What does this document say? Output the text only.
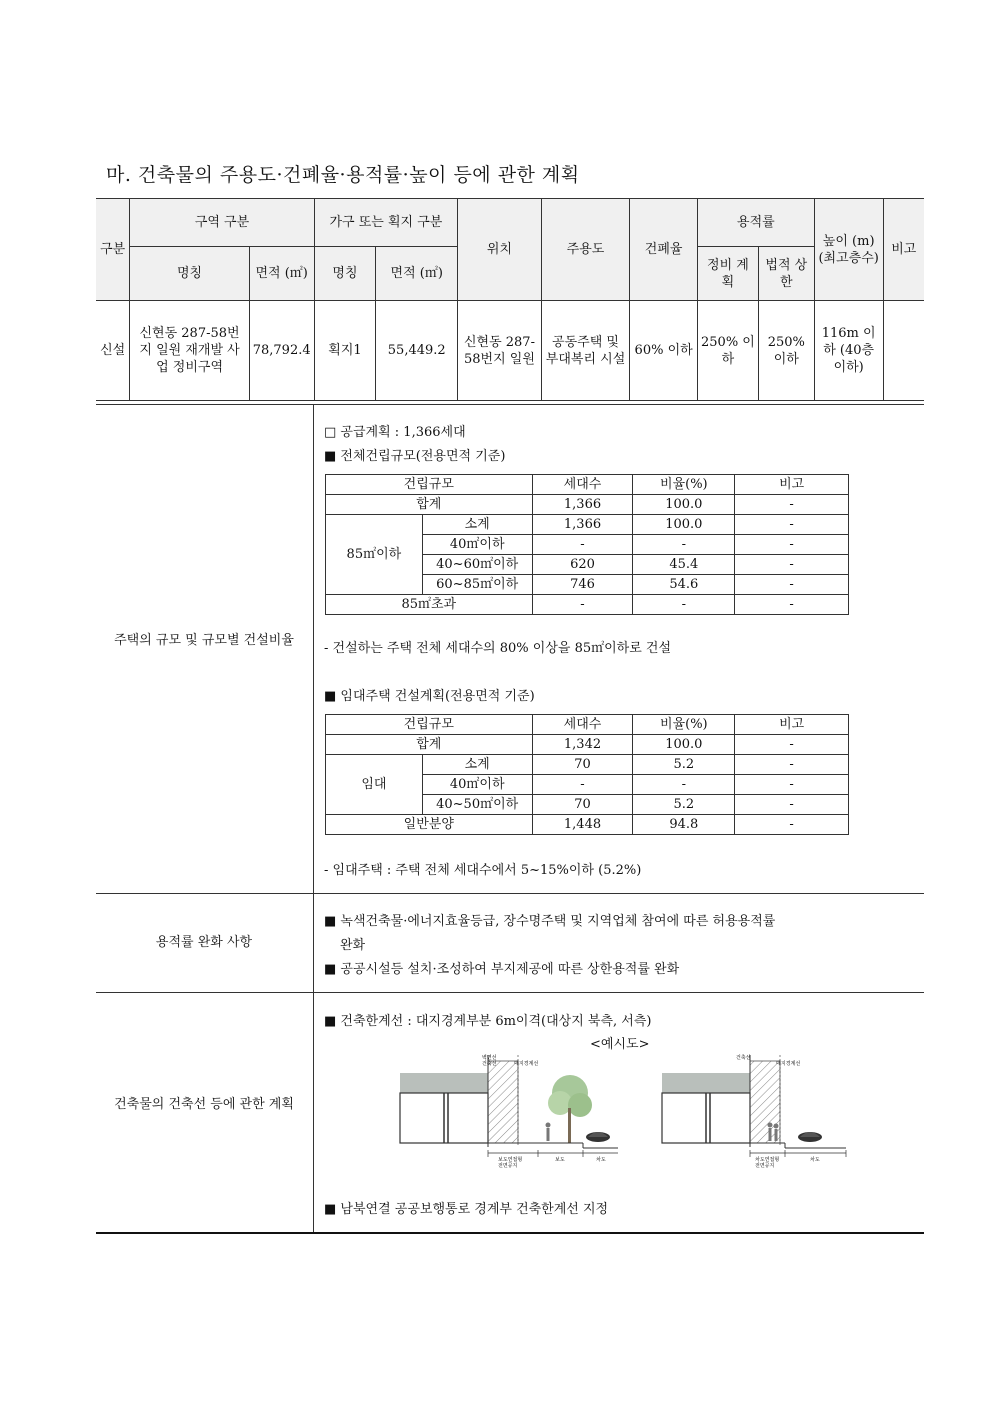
마. 건축물의 주용도·건폐율·용적률·높이 등에 관한 계획
구분	구역 구분		가구 또는 획지 구분		위치	주용도	건폐율	용적률		높이 (m) (최고층수)	비고
	명칭	면적 (㎡)	명칭	면적 (㎡)				정비 계획	법적 상한		
신설	신현동 287-58번지 일원 재개발 사업 정비구역	78,792.4	획지1	55,449.2	신현동 287-58번지 일원	공동주택 및 부대복리 시설	60% 이하	250% 이하	250% 이하	116m 이하 (40층 이하)	
주택의 규모 및 규모별 건설비율
□ 공급계획 : 1,366세대
■ 전체건립규모(전용면적 기준)
건립규모		세대수	비율(%)	비고
합계		1,366	100.0	-
85㎡이하	소계	1,366	100.0	-
	40㎡이하	-	-	-
	40~60㎡이하	620	45.4	-
	60~85㎡이하	746	54.6	-
85㎡초과		-	-	-
- 건설하는 주택 전체 세대수의 80% 이상을 85㎡이하로 건설
■ 임대주택 건설계획(전용면적 기준)
건립규모		세대수	비율(%)	비고
합계		1,342	100.0	-
임대	소계	70	5.2	-
	40㎡이하	-	-	-
	40~50㎡이하	70	5.2	-
일반분양		1,448	94.8	-
- 임대주택 : 주택 전체 세대수에서 5~15%이하 (5.2%)
용적률 완화 사항
■ 녹색건축물·에너지효율등급, 장수명주택 및 지역업체 참여에 따른 허용용적률
완화
■ 공공시설등 설치·조성하여 부지제공에 따른 상한용적률 완화
건축물의 건축선 등에 관한 계획
■ 건축한계선 : 대지경계부분 6m이격(대상지 북측, 서측)
<예시도>
벽면선 건축선	대지경계선
보도연접형 전면공지
보도	차도
건축선
대지경계선
차도연접형 전면공지
차도
■ 남북연결 공공보행통로 경계부 건축한계선 지정
